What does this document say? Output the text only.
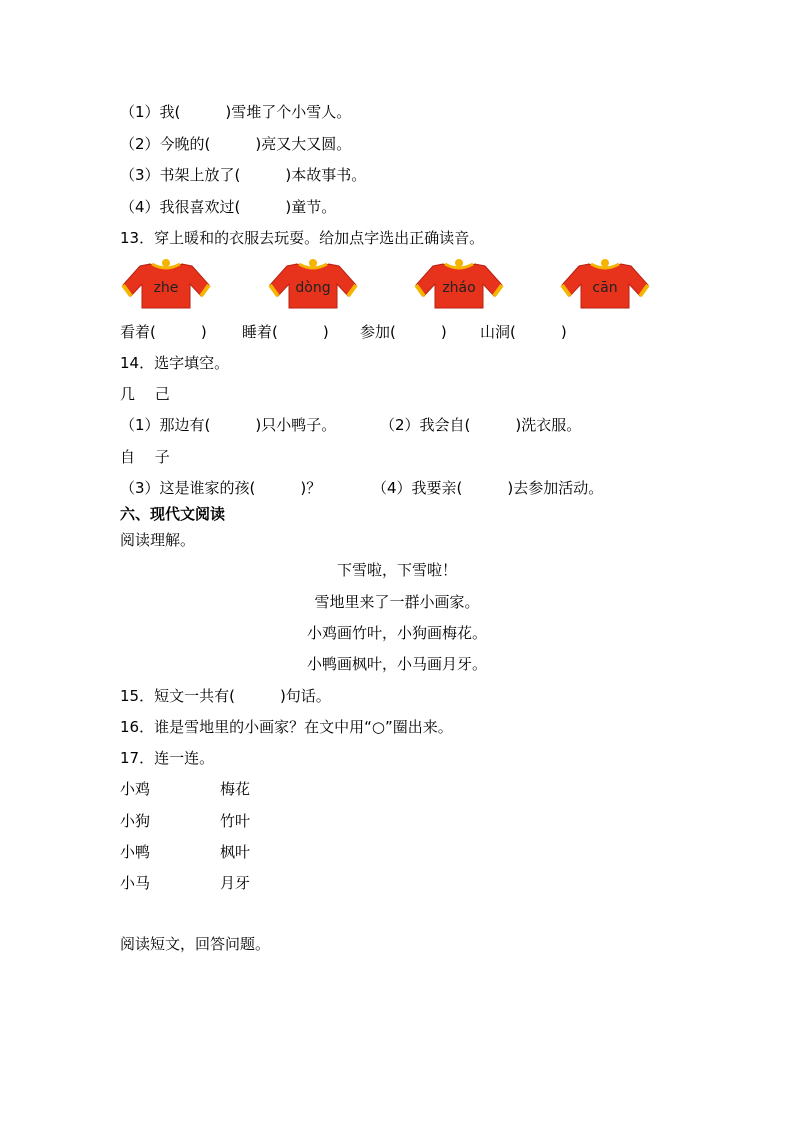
（1）我(　　　)雪堆了个小雪人。
（2）今晚的(　　　)亮又大又圆。
（3）书架上放了(　　　)本故事书。
（4）我很喜欢过(　　　)童节。
13．穿上暖和的衣服去玩耍。给加点字选出正确读音。
zhe	dòng	zháo	cān
看着(　　　) 睡着(　　　) 参加(　　　) 山洞(　　　)
14．选字填空。
几　 己
（1）那边有(　　　)只小鸭子。	（2）我会自(　　　)洗衣服。
自　 子
（3）这是谁家的孩(　　　)？	（4）我要亲(　　　)去参加活动。
六、现代文阅读
阅读理解。
下雪啦，下雪啦！
雪地里来了一群小画家。
小鸡画竹叶，小狗画梅花。
小鸭画枫叶，小马画月牙。
15．短文一共有(　　　)句话。
16．谁是雪地里的小画家？在文中用“○”圈出来。
17．连一连。
小鸡	梅花
小狗	竹叶
小鸭	枫叶
小马	月牙
阅读短文，回答问题。
